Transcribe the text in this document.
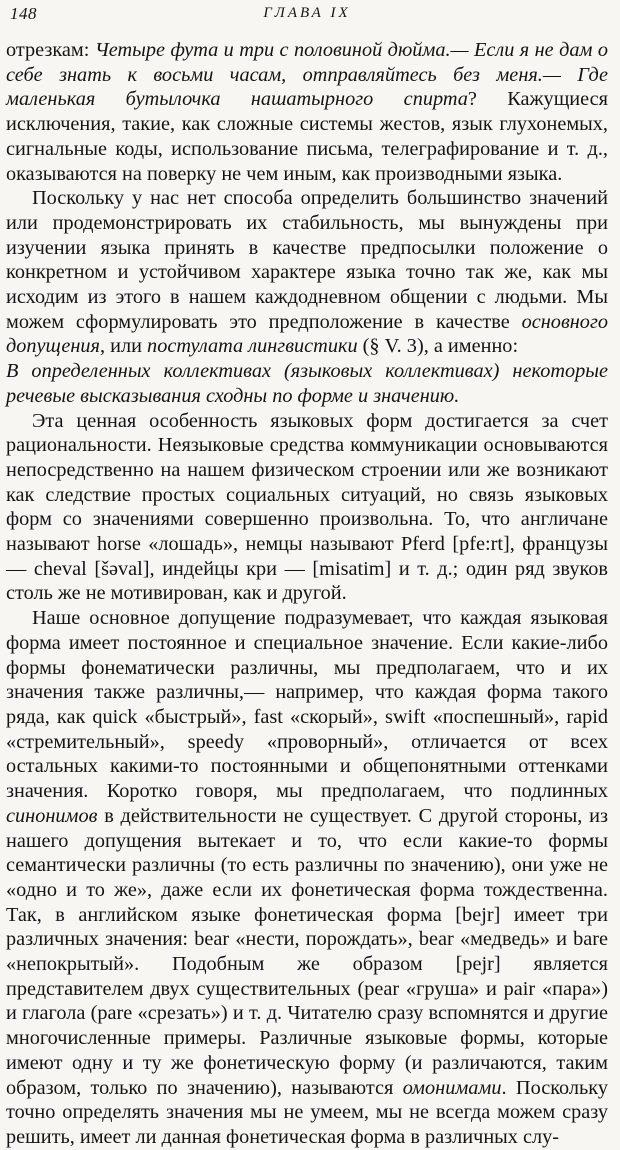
148	ГЛАВА IX

отрезкам: Четыре фута и три с половиной дюйма.— Если я не дам о себе знать к восьми часам, отправляйтесь без меня.— Где маленькая бутылочка нашатырного спирта? Кажущиеся исключения, такие, как сложные системы жестов, язык глухонемых, сигнальные коды, использование письма, телеграфирование и т. д., оказываются на поверку не чем иным, как производными языка.

Поскольку у нас нет способа определить большинство значений или продемонстрировать их стабильность, мы вынуждены при изучении языка принять в качестве предпосылки положение о конкретном и устойчивом характере языка точно так же, как мы исходим из этого в нашем каждодневном общении с людьми. Мы можем сформулировать это предположение в качестве основного допущения, или постулата лингвистики (§ V. 3), а именно:

В определенных коллективах (языковых коллективах) некоторые речевые высказывания сходны по форме и значению.

Эта ценная особенность языковых форм достигается за счет рациональности. Неязыковые средства коммуникации основываются непосредственно на нашем физическом строении или же возникают как следствие простых социальных ситуаций, но связь языковых форм со значениями совершенно произвольна. То, что англичане называют horse «лошадь», немцы называют Pferd [pfe:rt], французы — cheval [šəval], индейцы кри — [misatim] и т. д.; один ряд звуков столь же не мотивирован, как и другой.

Наше основное допущение подразумевает, что каждая языковая форма имеет постоянное и специальное значение. Если какие-либо формы фонематически различны, мы предполагаем, что и их значения также различны,— например, что каждая форма такого ряда, как quick «быстрый», fast «скорый», swift «поспешный», rapid «стремительный», speedy «проворный», отличается от всех остальных какими-то постоянными и общепонятными оттенками значения. Коротко говоря, мы предполагаем, что подлинных синонимов в действительности не существует. С другой стороны, из нашего допущения вытекает и то, что если какие-то формы семантически различны (то есть различны по значению), они уже не «одно и то же», даже если их фонетическая форма тождественна. Так, в английском языке фонетическая форма [bejr] имеет три различных значения: bear «нести, порождать», bear «медведь» и bare «непокрытый». Подобным же образом [pejr] является представителем двух существительных (pear «груша» и pair «пара») и глагола (pare «срезать») и т. д. Читателю сразу вспомнятся и другие многочисленные примеры. Различные языковые формы, которые имеют одну и ту же фонетическую форму (и различаются, таким образом, только по значению), называются омонимами. Поскольку точно определять значения мы не умеем, мы не всегда можем сразу решить, имеет ли данная фонетическая форма в различных слу-
